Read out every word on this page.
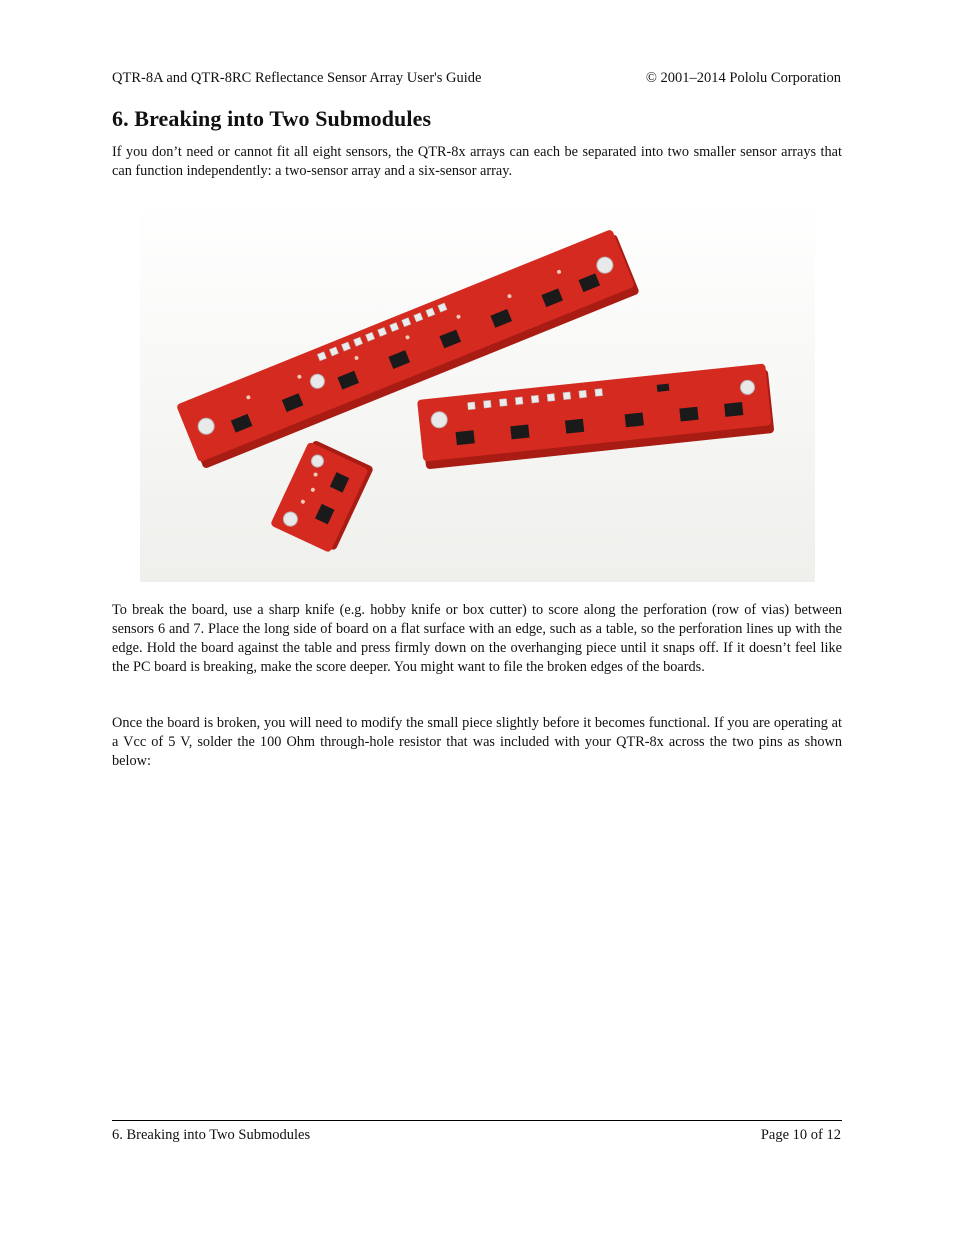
QTR-8A and QTR-8RC Reflectance Sensor Array User's Guide	© 2001–2014 Pololu Corporation
6. Breaking into Two Submodules

If you don’t need or cannot fit all eight sensors, the QTR-8x arrays can each be separated into two smaller sensor arrays that can function independently: a two-sensor array and a six-sensor array.

To break the board, use a sharp knife (e.g. hobby knife or box cutter) to score along the perforation (row of vias) between sensors 6 and 7. Place the long side of board on a flat surface with an edge, such as a table, so the perforation lines up with the edge. Hold the board against the table and press firmly down on the overhanging piece until it snaps off. If it doesn’t feel like the PC board is breaking, make the score deeper. You might want to file the broken edges of the boards.

Once the board is broken, you will need to modify the small piece slightly before it becomes functional. If you are operating at a Vcc of 5 V, solder the 100 Ohm through-hole resistor that was included with your QTR-8x across the two pins as shown below:

6. Breaking into Two Submodules	Page 10 of 12
